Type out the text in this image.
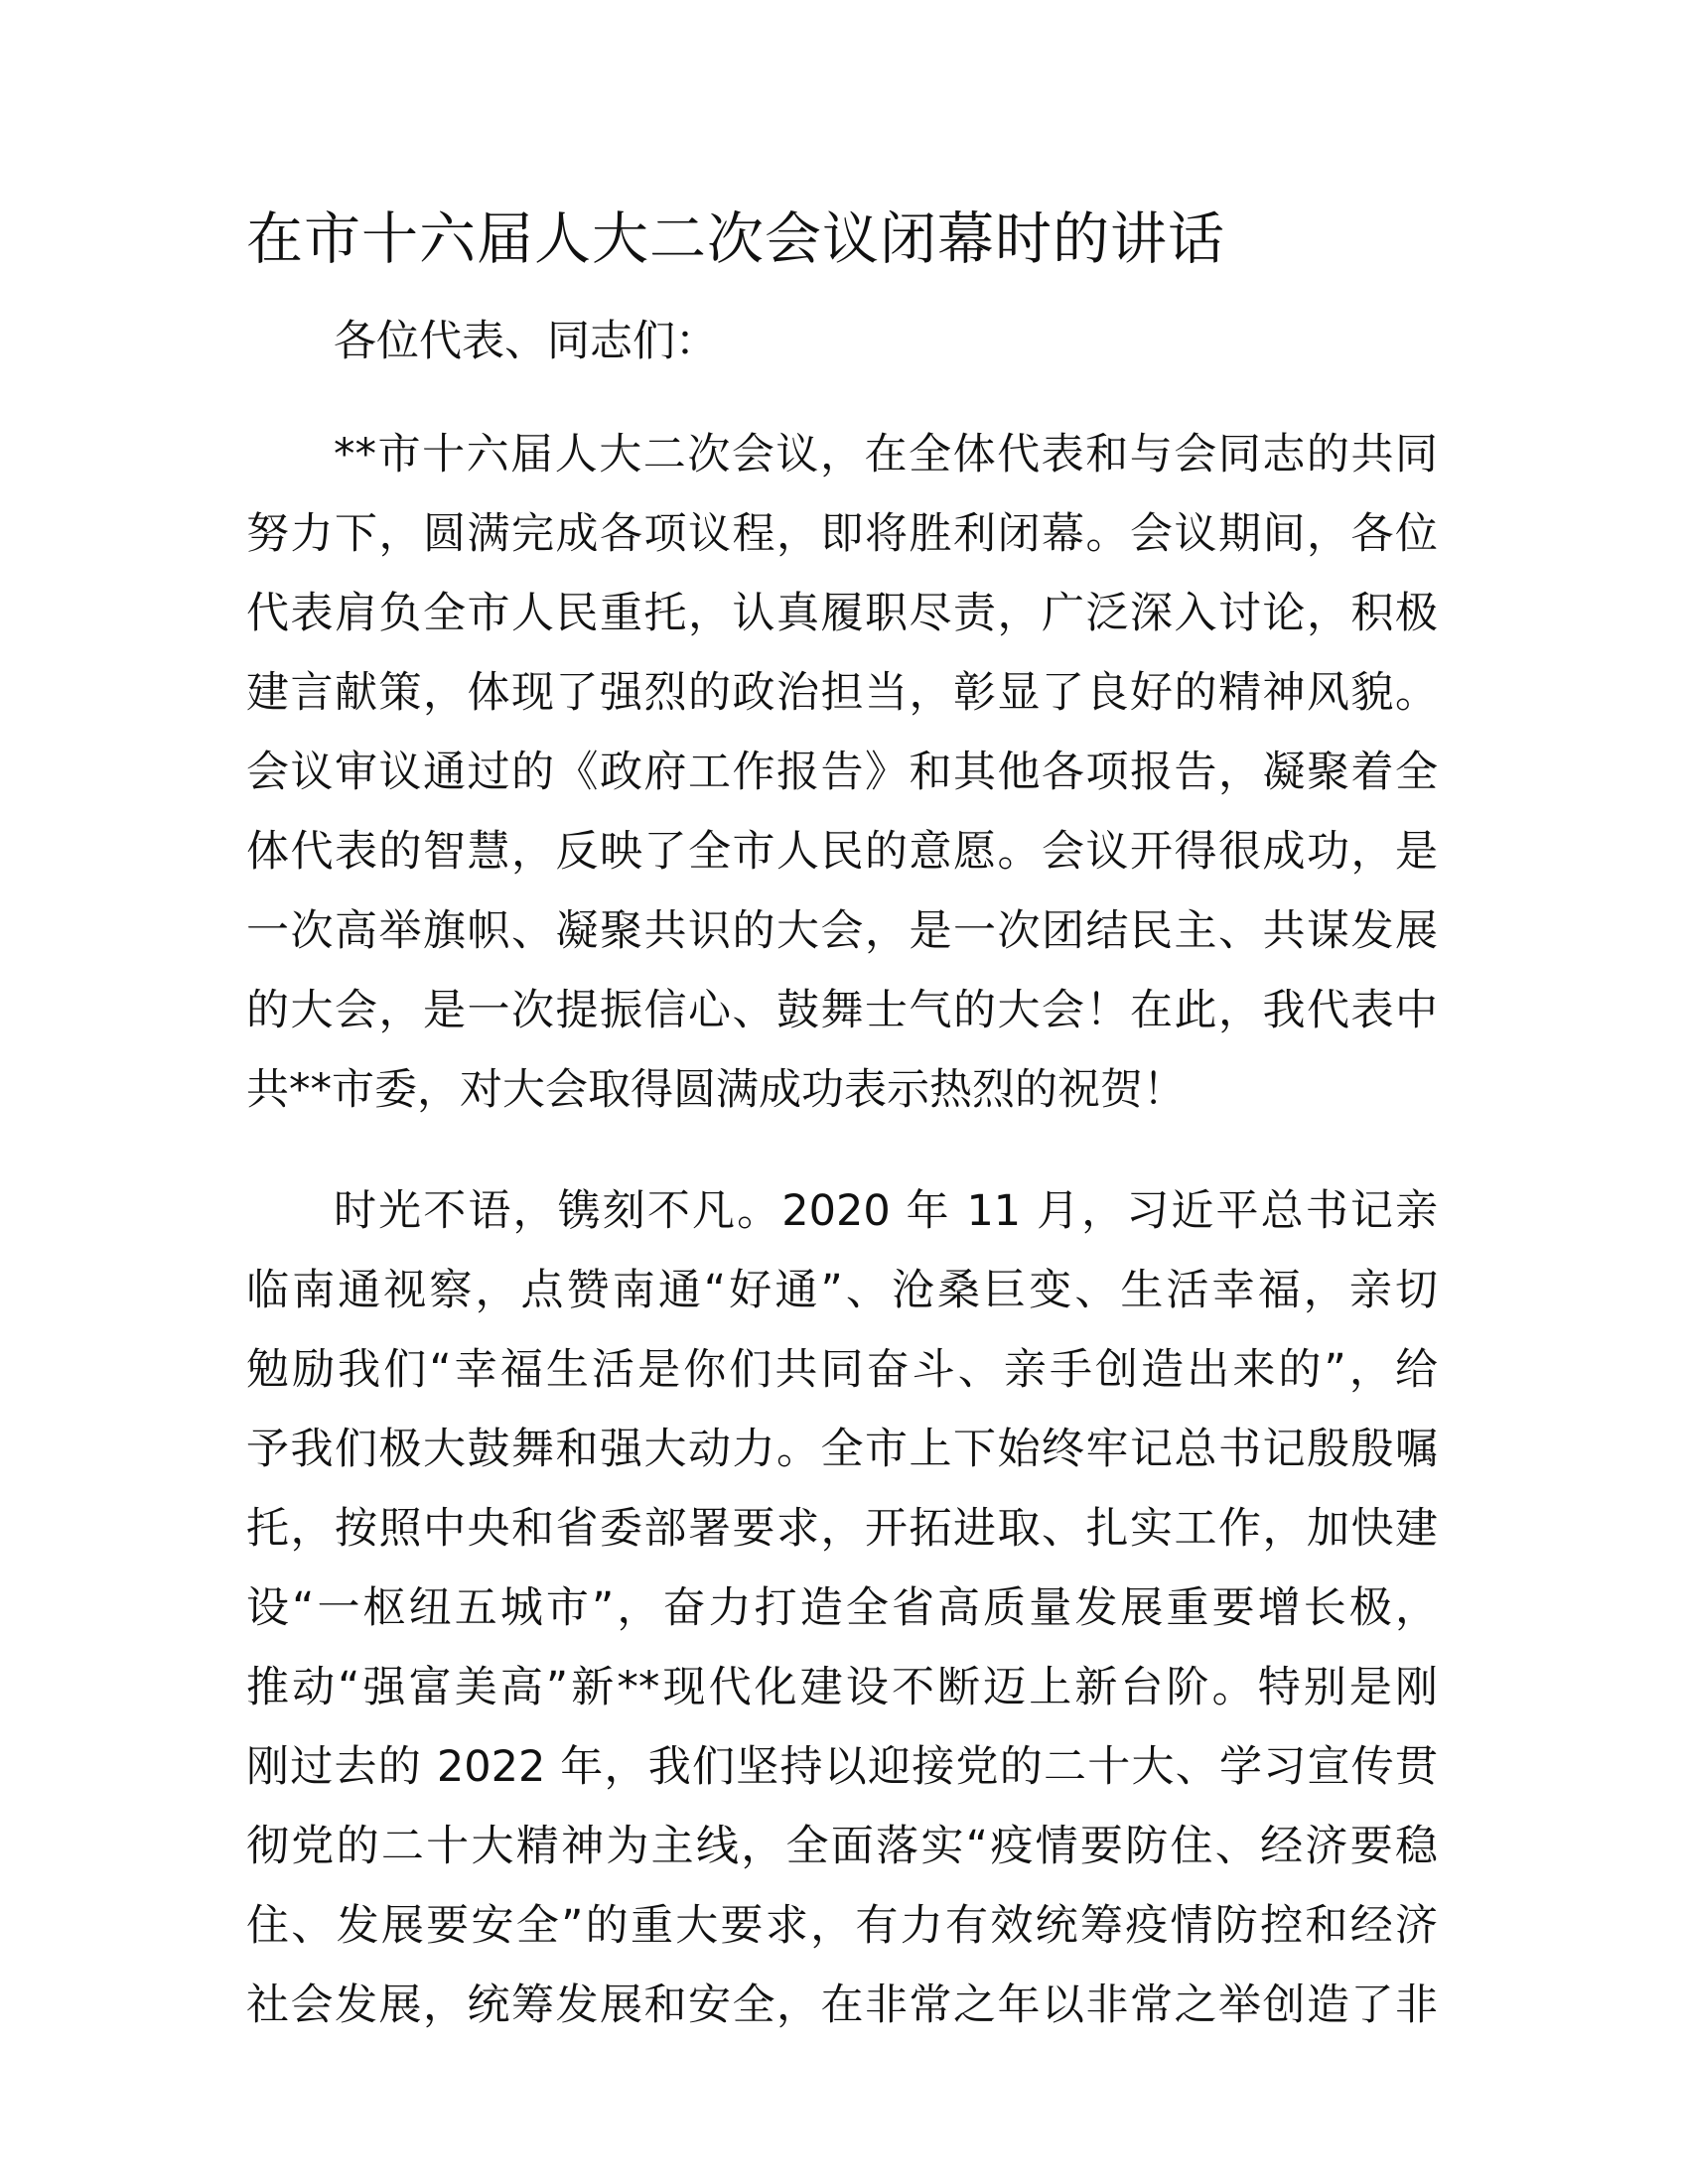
在市十六届人大二次会议闭幕时的讲话

各位代表、同志们：

**市十六届人大二次会议，在全体代表和与会同志的共同
努力下，圆满完成各项议程，即将胜利闭幕。会议期间，各位
代表肩负全市人民重托，认真履职尽责，广泛深入讨论，积极
建言献策，体现了强烈的政治担当，彰显了良好的精神风貌。
会议审议通过的《政府工作报告》和其他各项报告，凝聚着全
体代表的智慧，反映了全市人民的意愿。会议开得很成功，是
一次高举旗帜、凝聚共识的大会，是一次团结民主、共谋发展
的大会，是一次提振信心、鼓舞士气的大会！在此，我代表中
共**市委，对大会取得圆满成功表示热烈的祝贺！

时光不语，镌刻不凡。2020 年 11 月，习近平总书记亲
临南通视察，点赞南通“好通”、沧桑巨变、生活幸福，亲切
勉励我们“幸福生活是你们共同奋斗、亲手创造出来的”，给
予我们极大鼓舞和强大动力。全市上下始终牢记总书记殷殷嘱
托，按照中央和省委部署要求，开拓进取、扎实工作，加快建
设“一枢纽五城市”，奋力打造全省高质量发展重要增长极，
推动“强富美高”新**现代化建设不断迈上新台阶。特别是刚
刚过去的 2022 年，我们坚持以迎接党的二十大、学习宣传贯
彻党的二十大精神为主线，全面落实“疫情要防住、经济要稳
住、发展要安全”的重大要求，有力有效统筹疫情防控和经济
社会发展，统筹发展和安全，在非常之年以非常之举创造了非
